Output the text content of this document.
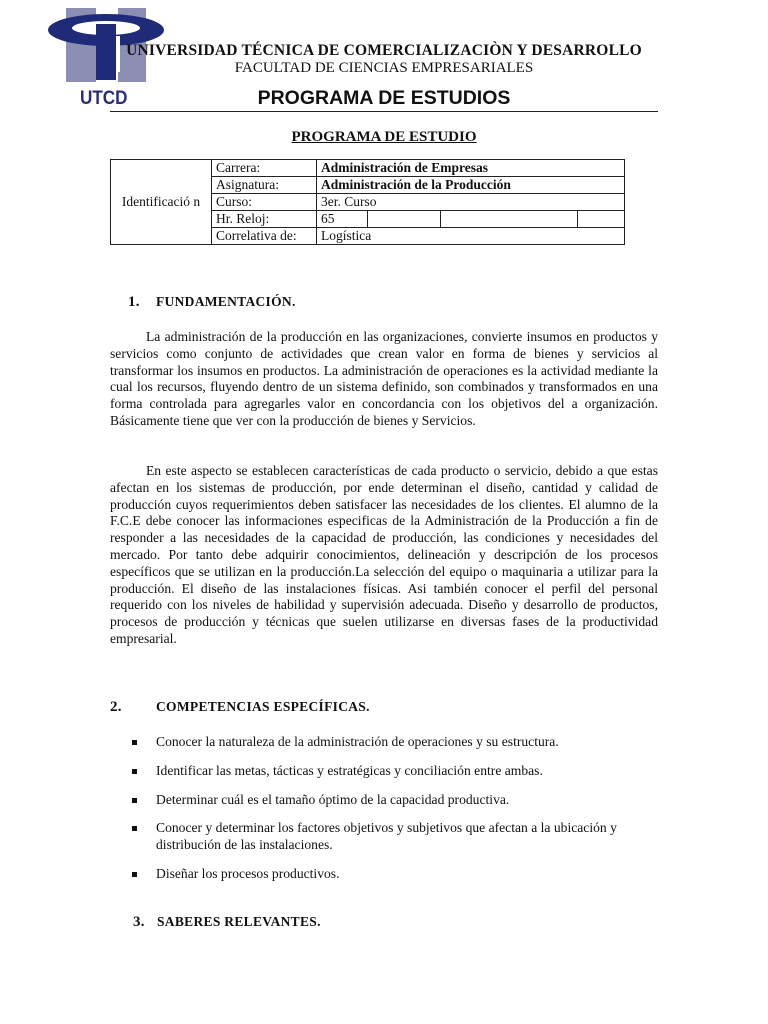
UTCD
UNIVERSIDAD TÉCNICA DE COMERCIALIZACIÒN Y DESARROLLO
FACULTAD DE CIENCIAS EMPRESARIALES
PROGRAMA DE ESTUDIOS
PROGRAMA DE ESTUDIO
Identificació n	Carrera:	Administración de Empresas			
	Asignatura:	Administración de la Producción			
	Curso:	3er. Curso			
	Hr. Reloj:	65			
	Correlativa de:	Logística			
1. FUNDAMENTACIÓN.

La administración de la producción en las organizaciones, convierte insumos en productos y servicios como conjunto de actividades que crean valor en forma de bienes y servicios al transformar los insumos en productos. La administración de operaciones es la actividad mediante la cual los recursos, fluyendo dentro de un sistema definido, son combinados y transformados en una forma controlada para agregarles valor en concordancia con los objetivos del a organización. Básicamente tiene que ver con la producción de bienes y Servicios.

En este aspecto se establecen características de cada producto o servicio, debido a que estas afectan en los sistemas de producción, por ende determinan el diseño, cantidad y calidad de producción cuyos requerimientos deben satisfacer las necesidades de los clientes. El alumno de la F.C.E debe conocer las informaciones especificas de la Administración de la Producción a fin de responder a las necesidades de la capacidad de producción, las condiciones y necesidades del mercado. Por tanto debe adquirir conocimientos, delineación y descripción de los procesos específicos que se utilizan en la producción.La selección del equipo o maquinaria a utilizar para la producción. El diseño de las instalaciones físicas. Asi también conocer el perfil del personal requerido con los niveles de habilidad y supervisión adecuada. Diseño y desarrollo de productos, procesos de producción y técnicas que suelen utilizarse en diversas fases de la productividad empresarial.

2.	COMPETENCIAS ESPECÍFICAS.
Conocer la naturaleza de la administración de operaciones y su estructura.
Identificar las metas, tácticas y estratégicas y conciliación entre ambas.
Determinar cuál es el tamaño óptimo de la capacidad productiva.
Conocer y determinar los factores objetivos y subjetivos que afectan a la ubicación y distribución de las instalaciones.
Diseñar los procesos productivos.
3. SABERES RELEVANTES.
